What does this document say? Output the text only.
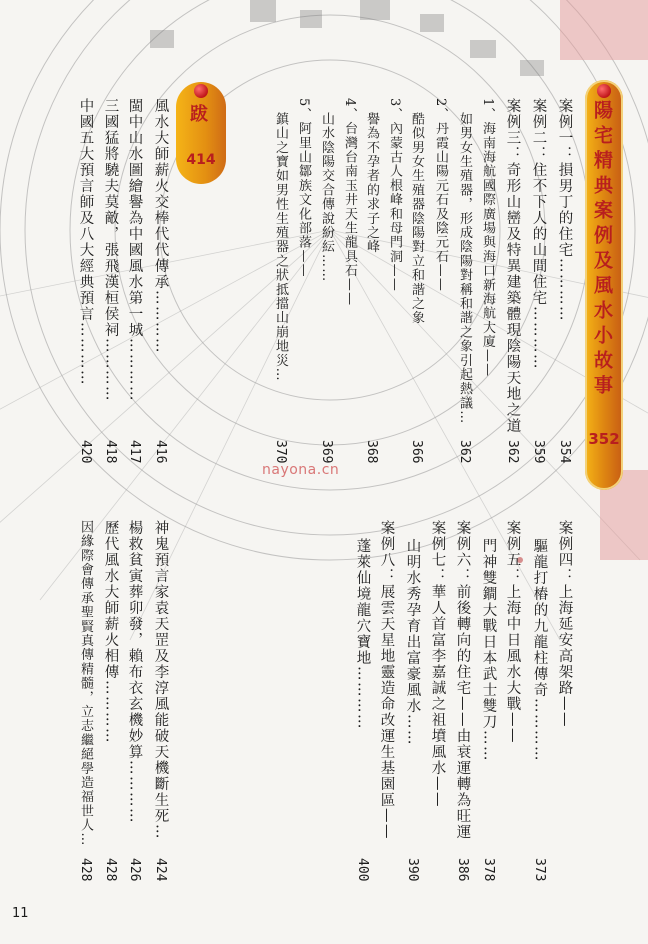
陽宅精典案例及風水小故事
352
案例一：損男丁的住宅…………
354
案例二：住不下人的山間住宅…………
359
案例三：奇形山巒及特異建築體現陰陽天地之道
362
1、海南海航國際廣場與海口新海航大廈——
如男女生殖器，形成陰陽對稱和諧之象引起熱議…
362
2、丹霞山陽元石及陰元石——
酷似男女生殖器陰陽對立和諧之象
366
3、內蒙古人根峰和母門洞——
譽為不孕者的求子之峰
368
4、台灣台南玉井天生龍具石——
山水陰陽交合傳說紛紜……
369
5、阿里山鄒族文化部落——
鎮山之寶如男性生殖器之狀抵擋山崩地災…
370
案例四：上海延安高架路——
驅龍打樁的九龍柱傳奇…………
373
案例五：上海中日風水大戰——
門神雙鐧大戰日本武士雙刀……
378
案例六：前後轉向的住宅——由衰運轉為旺運
386
案例七：華人首富李嘉誠之祖墳風水——
山明水秀孕育出富豪風水……
390
案例八：展雲天星地靈造命改運生基園區——
蓬萊仙境龍穴寶地…………
400
跋
414
風水大師薪火交棒代代傳承…………
416
閩中山水圖繪譽為中國風水第一城…………
417
三國猛將驍夫莫敵，張飛漢桓侯祠…………
418
中國五大預言師及八大經典預言…………
420
神鬼預言家袁天罡及李淳風能破天機斷生死…
424
楊救貧寅葬卯發，賴布衣玄機妙算…………
426
歷代風水大師薪火相傳…………
428
因緣際會傳承聖賢真傳精髓，立志繼絕學造福世人…
428
nayona.cn
11
